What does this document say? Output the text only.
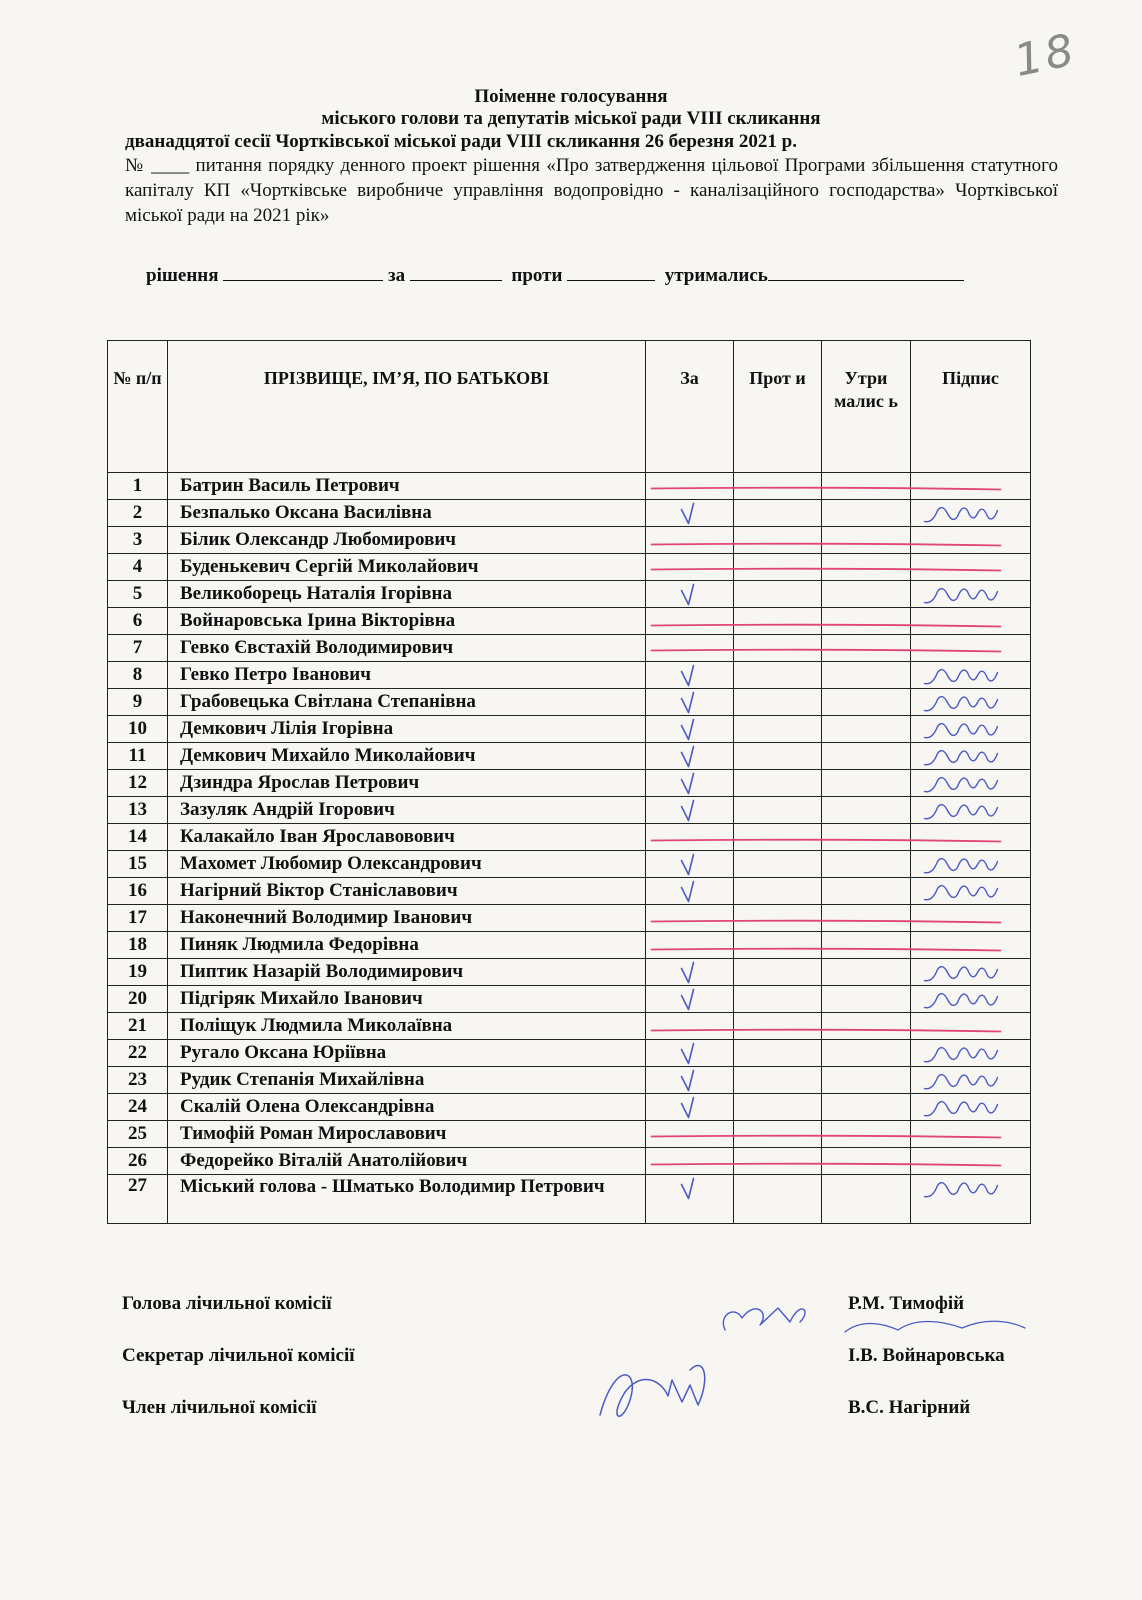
18
Поіменне голосування
міського голови та депутатів міської ради VIII скликання
дванадцятої сесії Чортківської міської ради VIII скликання 26 березня 2021 р.
№ ____ питання порядку денного проект рішення «Про затвердження цільової Програми збільшення статутного капіталу КП «Чортківське виробниче управління водопровідно - каналізаційного господарства» Чортківської міської ради на 2021 рік»
рішення	за	проти	утримались
№ п/п	ПРІЗВИЩЕ, ІМ’Я, ПО БАТЬКОВІ	За	Прот и	Утри малис ь	Підпис
1	Батрин Василь Петрович				
2	Безпалько Оксана Василівна				
3	Білик Олександр Любомирович				
4	Буденькевич Сергій Миколайович				
5	Великоборець Наталія Ігорівна				
6	Войнаровська Ірина Вікторівна				
7	Гевко Євстахій Володимирович				
8	Гевко Петро Іванович				
9	Грабовецька Світлана Степанівна				
10	Демкович Лілія Ігорівна				
11	Демкович Михайло Миколайович				
12	Дзиндра Ярослав Петрович				
13	Зазуляк Андрій Ігорович				
14	Калакайло Іван Ярославовович				
15	Махомет Любомир Олександрович				
16	Нагірний Віктор Станіславович				
17	Наконечний Володимир Іванович				
18	Пиняк Людмила Федорівна				
19	Пиптик Назарій Володимирович				
20	Підгіряк Михайло Іванович				
21	Поліщук Людмила Миколаївна				
22	Ругало Оксана Юріївна				
23	Рудик Степанія Михайлівна				
24	Скалій Олена Олександрівна				
25	Тимофій Роман Мирославович				
26	Федорейко Віталій Анатолійович				
27	Міський голова - Шматько Володимир Петрович				
Голова лічильної комісії	Р.М. Тимофій
Секретар лічильної комісії	І.В. Войнаровська
Член лічильної комісії	В.С. Нагірний
